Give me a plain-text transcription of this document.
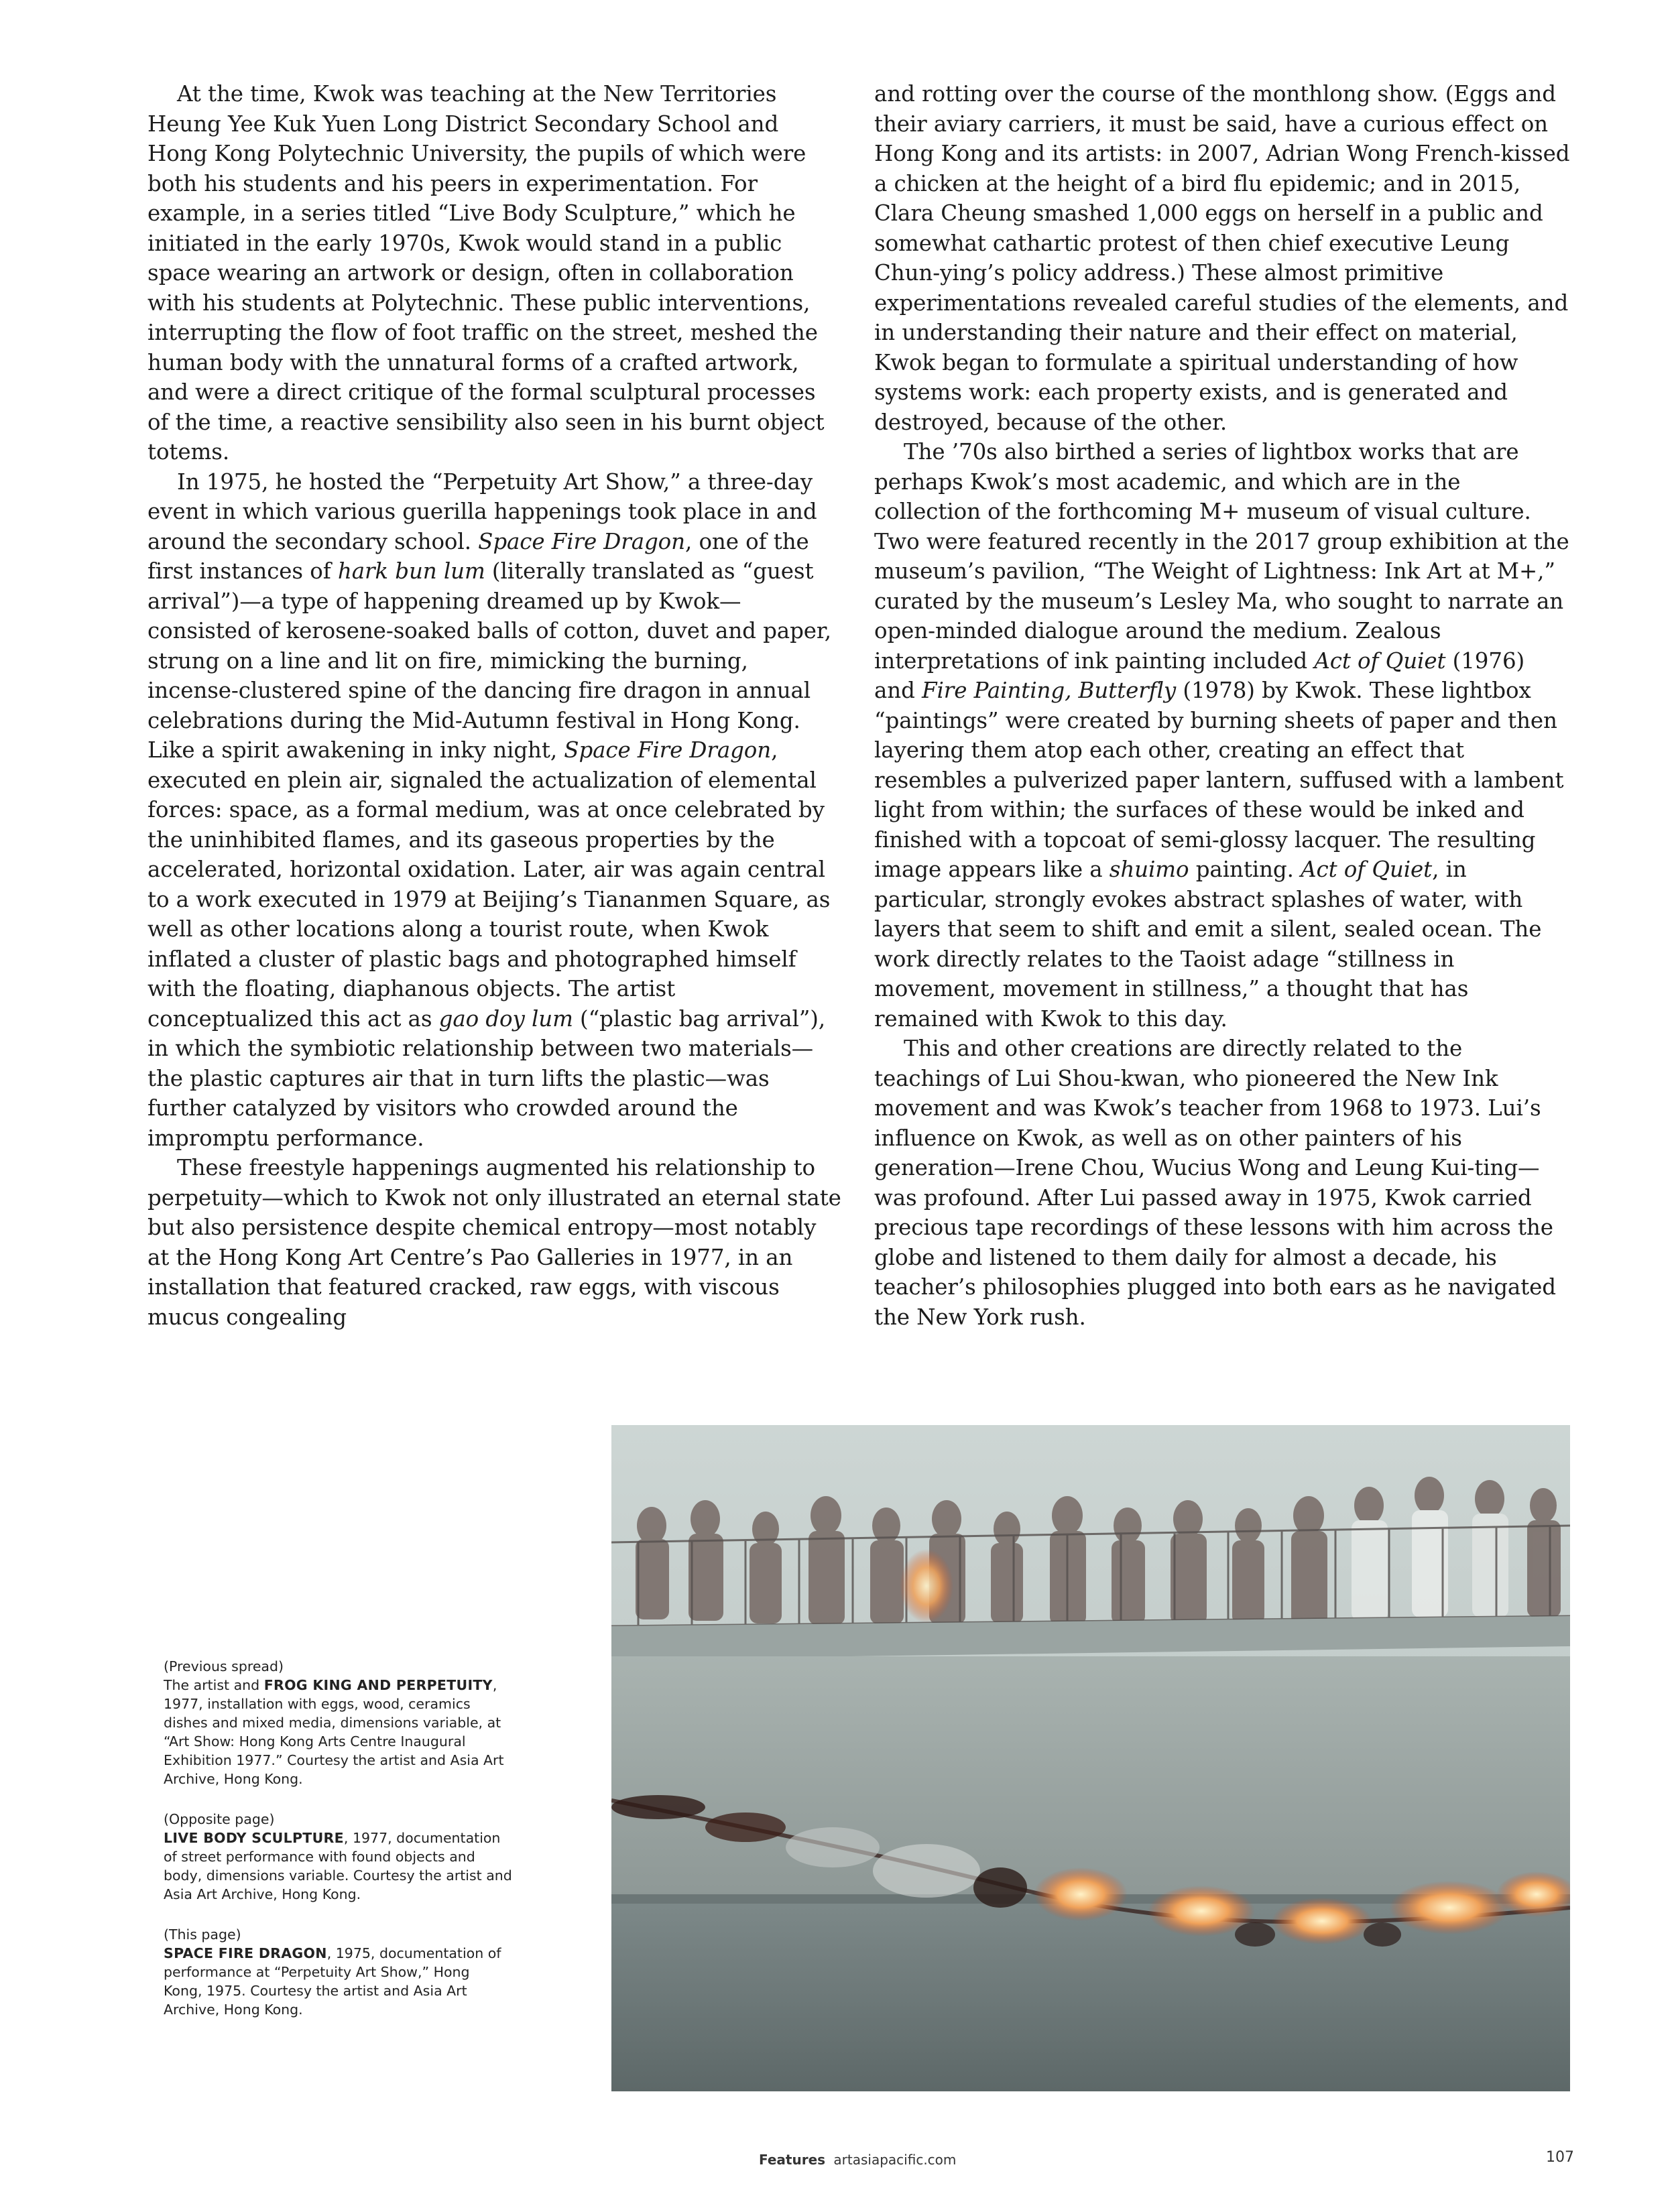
At the time, Kwok was teaching at the New Territories Heung Yee Kuk Yuen Long District Secondary School and Hong Kong Polytechnic University, the pupils of which were both his students and his peers in experimentation. For example, in a series titled “Live Body Sculpture,” which he initiated in the early 1970s, Kwok would stand in a public space wearing an artwork or design, often in collaboration with his students at Polytechnic. These public interventions, interrupting the flow of foot traffic on the street, meshed the human body with the unnatural forms of a crafted artwork, and were a direct critique of the formal sculptural processes of the time, a reactive sensibility also seen in his burnt object totems.

In 1975, he hosted the “Perpetuity Art Show,” a three-day event in which various guerilla happenings took place in and around the secondary school. Space Fire Dragon, one of the first instances of hark bun lum (literally translated as “guest arrival”)—a type of happening dreamed up by Kwok—consisted of kerosene-soaked balls of cotton, duvet and paper, strung on a line and lit on fire, mimicking the burning, incense-clustered spine of the dancing fire dragon in annual celebrations during the Mid-Autumn festival in Hong Kong. Like a spirit awakening in inky night, Space Fire Dragon, executed en plein air, signaled the actualization of elemental forces: space, as a formal medium, was at once celebrated by the uninhibited flames, and its gaseous properties by the accelerated, horizontal oxidation. Later, air was again central to a work executed in 1979 at Beijing’s Tiananmen Square, as well as other locations along a tourist route, when Kwok inflated a cluster of plastic bags and photographed himself with the floating, diaphanous objects. The artist conceptualized this act as gao doy lum (“plastic bag arrival”), in which the symbiotic relationship between two materials—the plastic captures air that in turn lifts the plastic—was further catalyzed by visitors who crowded around the impromptu performance.

These freestyle happenings augmented his relationship to perpetuity—which to Kwok not only illustrated an eternal state but also persistence despite chemical entropy—most notably at the Hong Kong Art Centre’s Pao Galleries in 1977, in an installation that featured cracked, raw eggs, with viscous mucus congealing

and rotting over the course of the monthlong show. (Eggs and their aviary carriers, it must be said, have a curious effect on Hong Kong and its artists: in 2007, Adrian Wong French-kissed a chicken at the height of a bird flu epidemic; and in 2015, Clara Cheung smashed 1,000 eggs on herself in a public and somewhat cathartic protest of then chief executive Leung Chun-ying’s policy address.) These almost primitive experimentations revealed careful studies of the elements, and in understanding their nature and their effect on material, Kwok began to formulate a spiritual understanding of how systems work: each property exists, and is generated and destroyed, because of the other.

The ’70s also birthed a series of lightbox works that are perhaps Kwok’s most academic, and which are in the collection of the forthcoming M+ museum of visual culture. Two were featured recently in the 2017 group exhibition at the museum’s pavilion, “The Weight of Lightness: Ink Art at M+,” curated by the museum’s Lesley Ma, who sought to narrate an open-minded dialogue around the medium. Zealous interpretations of ink painting included Act of Quiet (1976) and Fire Painting, Butterfly (1978) by Kwok. These lightbox “paintings” were created by burning sheets of paper and then layering them atop each other, creating an effect that resembles a pulverized paper lantern, suffused with a lambent light from within; the surfaces of these would be inked and finished with a topcoat of semi-glossy lacquer. The resulting image appears like a shuimo painting. Act of Quiet, in particular, strongly evokes abstract splashes of water, with layers that seem to shift and emit a silent, sealed ocean. The work directly relates to the Taoist adage “stillness in movement, movement in stillness,” a thought that has remained with Kwok to this day.

This and other creations are directly related to the teachings of Lui Shou-kwan, who pioneered the New Ink movement and was Kwok’s teacher from 1968 to 1973. Lui’s influence on Kwok, as well as on other painters of his generation—Irene Chou, Wucius Wong and Leung Kui-ting—was profound. After Lui passed away in 1975, Kwok carried precious tape recordings of these lessons with him across the globe and listened to them daily for almost a decade, his teacher’s philosophies plugged into both ears as he navigated the New York rush.

(Previous spread)
The artist and FROG KING AND PERPETUITY, 1977, installation with eggs, wood, ceramics dishes and mixed media, dimensions variable, at “Art Show: Hong Kong Arts Centre Inaugural Exhibition 1977.” Courtesy the artist and Asia Art Archive, Hong Kong.

(Opposite page)
LIVE BODY SCULPTURE, 1977, documentation of street performance with found objects and body, dimensions variable. Courtesy the artist and Asia Art Archive, Hong Kong.

(This page)
SPACE FIRE DRAGON, 1975, documentation of performance at “Perpetuity Art Show,” Hong Kong, 1975. Courtesy the artist and Asia Art Archive, Hong Kong.

Features artasiapacific.com	107
